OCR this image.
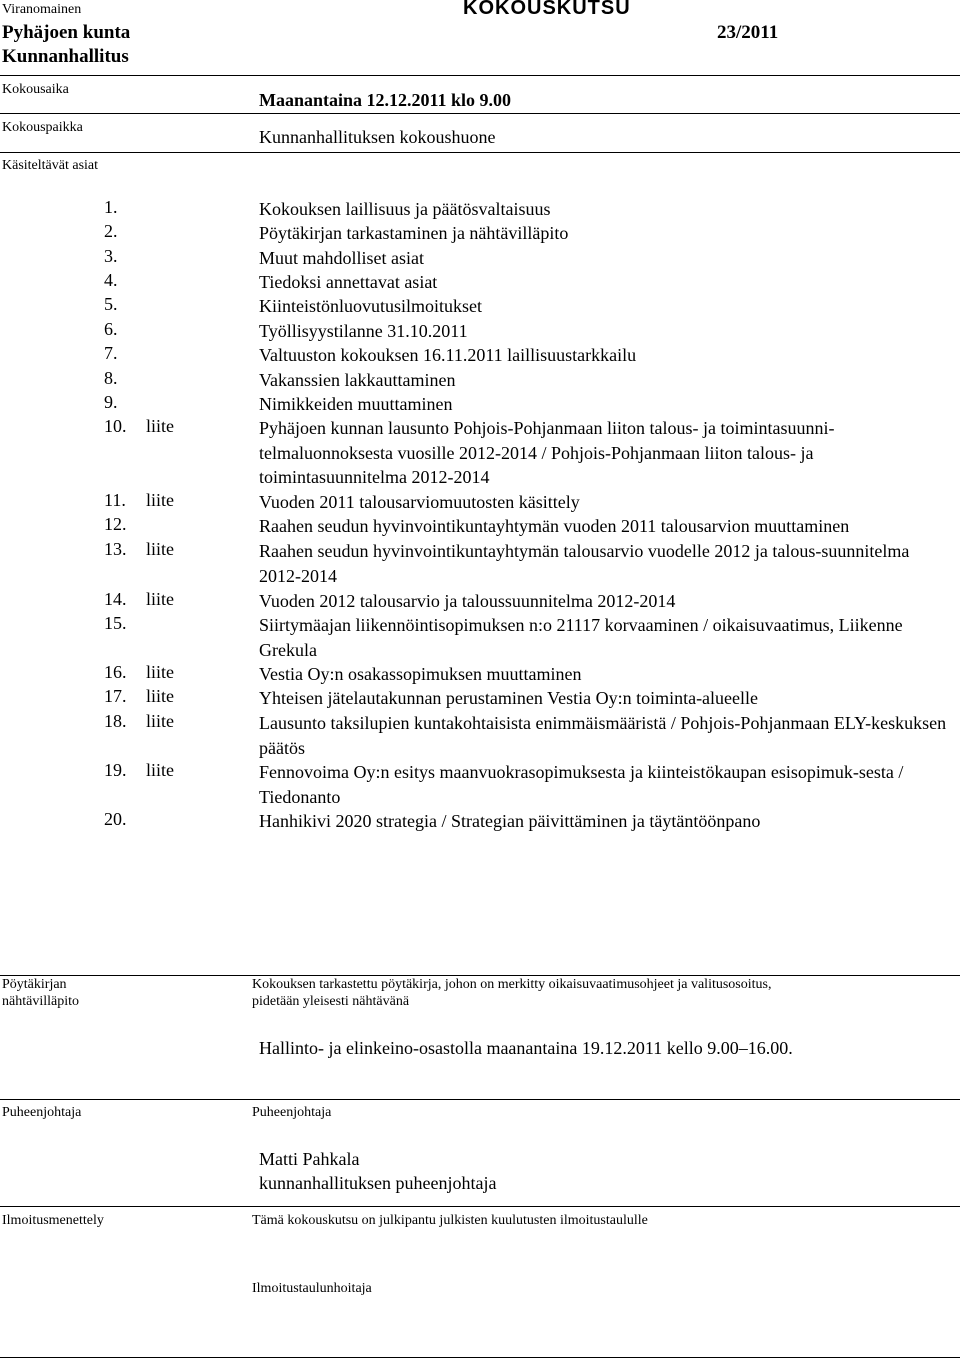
Viranomainen
Pyhäjoen kunta
Kunnanhallitus
KOKOUSKUTSU
23/2011
Kokousaika
Maanantaina 12.12.2011 klo 9.00
Kokouspaikka	Kunnanhallituksen kokoushuone
Käsiteltävät asiat
1.	Kokouksen laillisuus ja päätösvaltaisuus
2.	Pöytäkirjan tarkastaminen ja nähtävilläpito
3.	Muut mahdolliset asiat
4.	Tiedoksi annettavat asiat
5.	Kiinteistönluovutusilmoitukset
6.	Työllisyystilanne 31.10.2011
7.	Valtuuston kokouksen 16.11.2011 laillisuustarkkailu
8.	Vakanssien lakkauttaminen
9.	Nimikkeiden muuttaminen
10. liite	Pyhäjoen kunnan lausunto Pohjois-Pohjanmaan liiton talous- ja toimintasuunni-telmaluonnoksesta vuosille 2012-2014 / Pohjois-Pohjanmaan liiton talous- ja toimintasuunnitelma 2012-2014
11. liite	Vuoden 2011 talousarviomuutosten käsittely
12.	Raahen seudun hyvinvointikuntayhtymän vuoden 2011 talousarvion muuttaminen
13. liite	Raahen seudun hyvinvointikuntayhtymän talousarvio vuodelle 2012 ja talous-suunnitelma 2012-2014
14. liite	Vuoden 2012 talousarvio ja taloussuunnitelma 2012-2014
15.	Siirtymäajan liikennöintisopimuksen n:o 21117 korvaaminen / oikaisuvaatimus, Liikenne Grekula
16. liite	Vestia Oy:n osakassopimuksen muuttaminen
17. liite	Yhteisen jätelautakunnan perustaminen Vestia Oy:n toiminta-alueelle
18. liite	Lausunto taksilupien kuntakohtaisista enimmäismääristä / Pohjois-Pohjanmaan ELY-keskuksen päätös
19. liite	Fennovoima Oy:n esitys maanvuokrasopimuksesta ja kiinteistökaupan esisopimuk-sesta / Tiedonanto
20.	Hanhikivi 2020 strategia / Strategian päivittäminen ja täytäntöönpano
Pöytäkirjan
nähtävilläpito
Kokouksen tarkastettu pöytäkirja, johon on merkitty oikaisuvaatimusohjeet ja valitusosoitus,
pidetään yleisesti nähtävänä
Hallinto- ja elinkeino-osastolla maanantaina 19.12.2011 kello 9.00–16.00.
Puheenjohtaja	Puheenjohtaja
Matti Pahkala
kunnanhallituksen puheenjohtaja
Ilmoitusmenettely	Tämä kokouskutsu on julkipantu julkisten kuulutusten ilmoitustaululle
Ilmoitustaulunhoitaja
